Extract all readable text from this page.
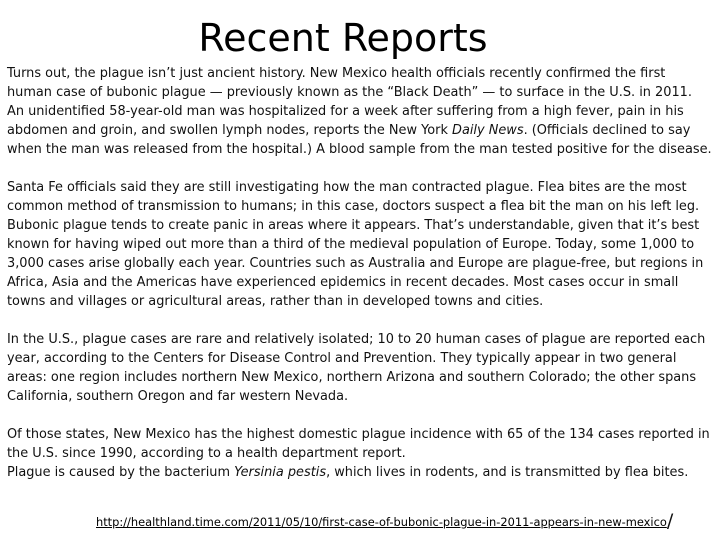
Recent Reports

Turns out, the plague isn’t just ancient history. New Mexico health officials recently confirmed the first human case of bubonic plague — previously known as the “Black Death” — to surface in the U.S. in 2011. An unidentified 58-year-old man was hospitalized for a week after suffering from a high fever, pain in his abdomen and groin, and swollen lymph nodes, reports the New York Daily News. (Officials declined to say when the man was released from the hospital.) A blood sample from the man tested positive for the disease.

Santa Fe officials said they are still investigating how the man contracted plague. Flea bites are the most common method of transmission to humans; in this case, doctors suspect a flea bit the man on his left leg. Bubonic plague tends to create panic in areas where it appears. That’s understandable, given that it’s best known for having wiped out more than a third of the medieval population of Europe. Today, some 1,000 to 3,000 cases arise globally each year. Countries such as Australia and Europe are plague-free, but regions in Africa, Asia and the Americas have experienced epidemics in recent decades. Most cases occur in small towns and villages or agricultural areas, rather than in developed towns and cities.

In the U.S., plague cases are rare and relatively isolated; 10 to 20 human cases of plague are reported each year, according to the Centers for Disease Control and Prevention. They typically appear in two general areas: one region includes northern New Mexico, northern Arizona and southern Colorado; the other spans California, southern Oregon and far western Nevada.

Of those states, New Mexico has the highest domestic plague incidence with 65 of the 134 cases reported in the U.S. since 1990, according to a health department report.

Plague is caused by the bacterium Yersinia pestis, which lives in rodents, and is transmitted by flea bites.

http://healthland.time.com/2011/05/10/first-case-of-bubonic-plague-in-2011-appears-in-new-mexico/
